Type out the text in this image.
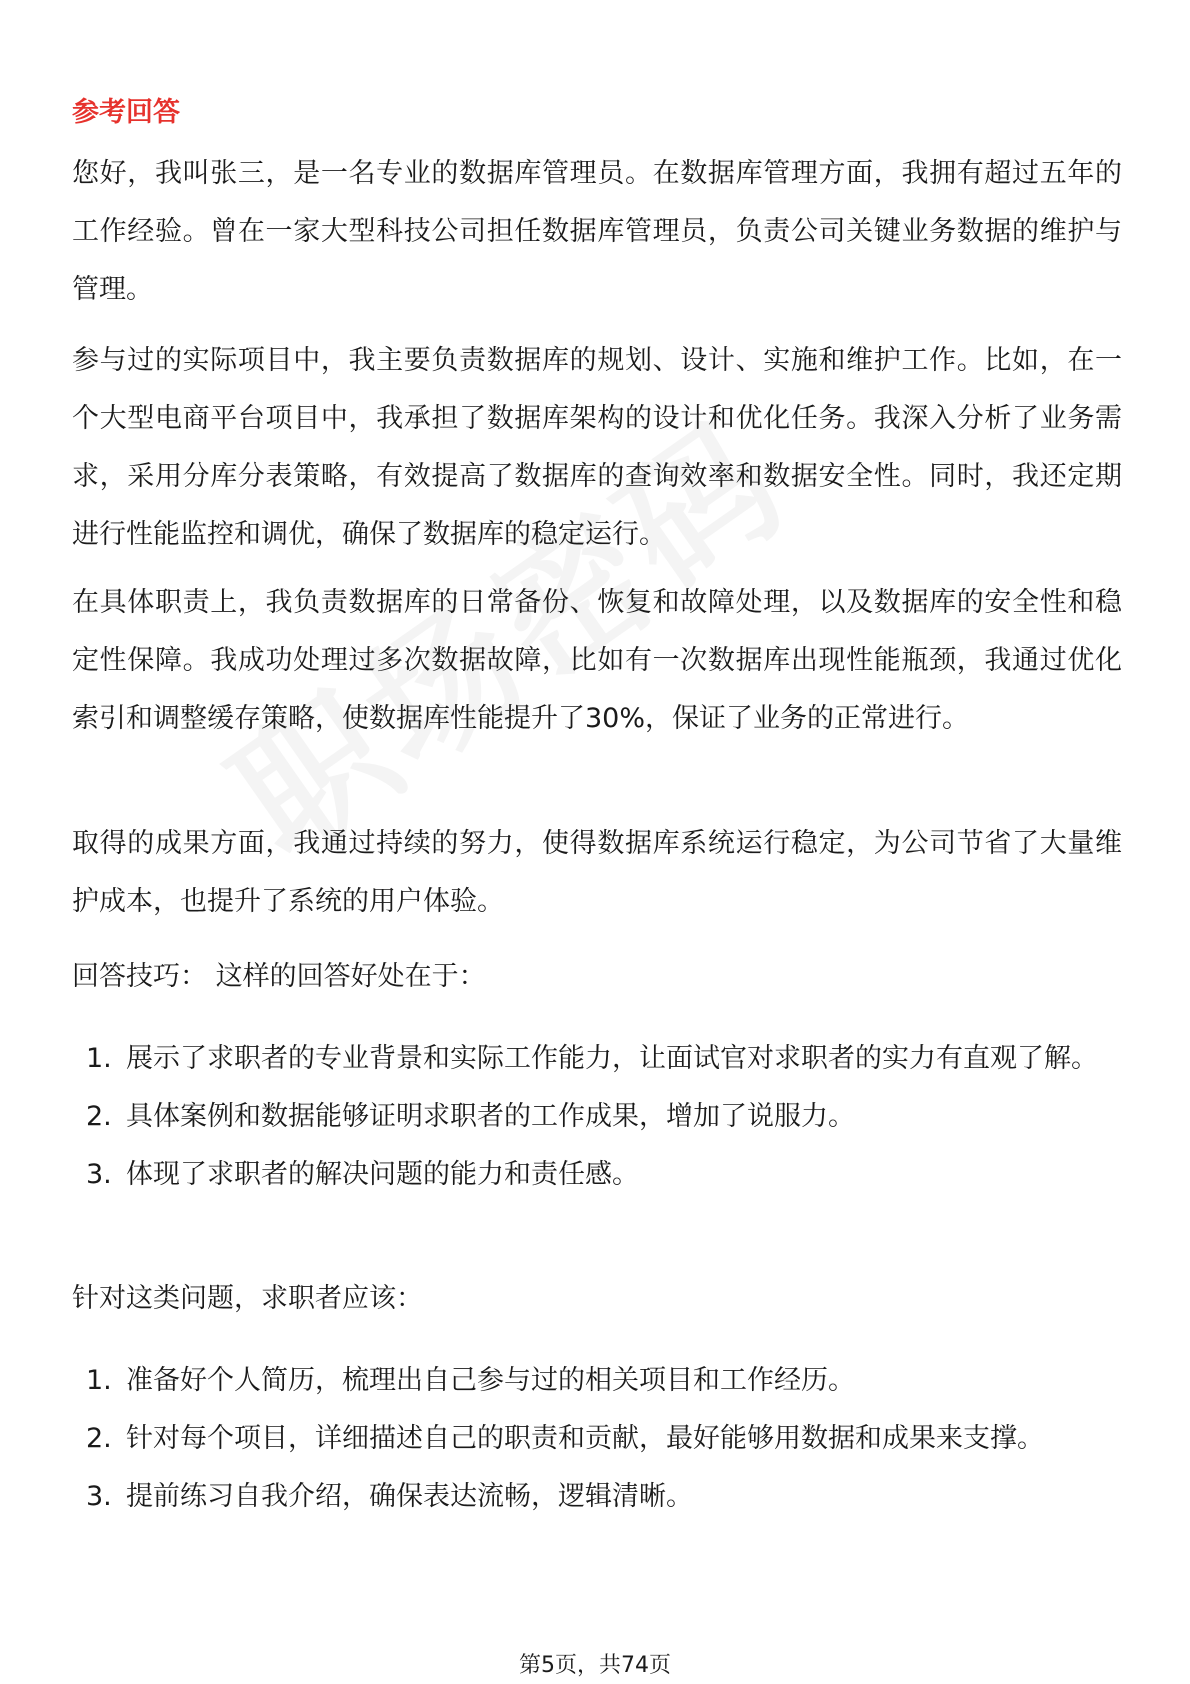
参考回答

您好，我叫张三，是一名专业的数据库管理员。在数据库管理方面，我拥有超过五年的工作经验。曾在一家大型科技公司担任数据库管理员，负责公司关键业务数据的维护与管理。

参与过的实际项目中，我主要负责数据库的规划、设计、实施和维护工作。比如，在一个大型电商平台项目中，我承担了数据库架构的设计和优化任务。我深入分析了业务需求，采用分库分表策略，有效提高了数据库的查询效率和数据安全性。同时，我还定期进行性能监控和调优，确保了数据库的稳定运行。

在具体职责上，我负责数据库的日常备份、恢复和故障处理，以及数据库的安全性和稳定性保障。我成功处理过多次数据故障，比如有一次数据库出现性能瓶颈，我通过优化索引和调整缓存策略，使数据库性能提升了30%，保证了业务的正常进行。

取得的成果方面，我通过持续的努力，使得数据库系统运行稳定，为公司节省了大量维护成本，也提升了系统的用户体验。

回答技巧： 这样的回答好处在于：

1. 展示了求职者的专业背景和实际工作能力，让面试官对求职者的实力有直观了解。
2. 具体案例和数据能够证明求职者的工作成果，增加了说服力。
3. 体现了求职者的解决问题的能力和责任感。

针对这类问题，求职者应该：

1. 准备好个人简历，梳理出自己参与过的相关项目和工作经历。
2. 针对每个项目，详细描述自己的职责和贡献，最好能够用数据和成果来支撑。
3. 提前练习自我介绍，确保表达流畅，逻辑清晰。
第5页，共74页
